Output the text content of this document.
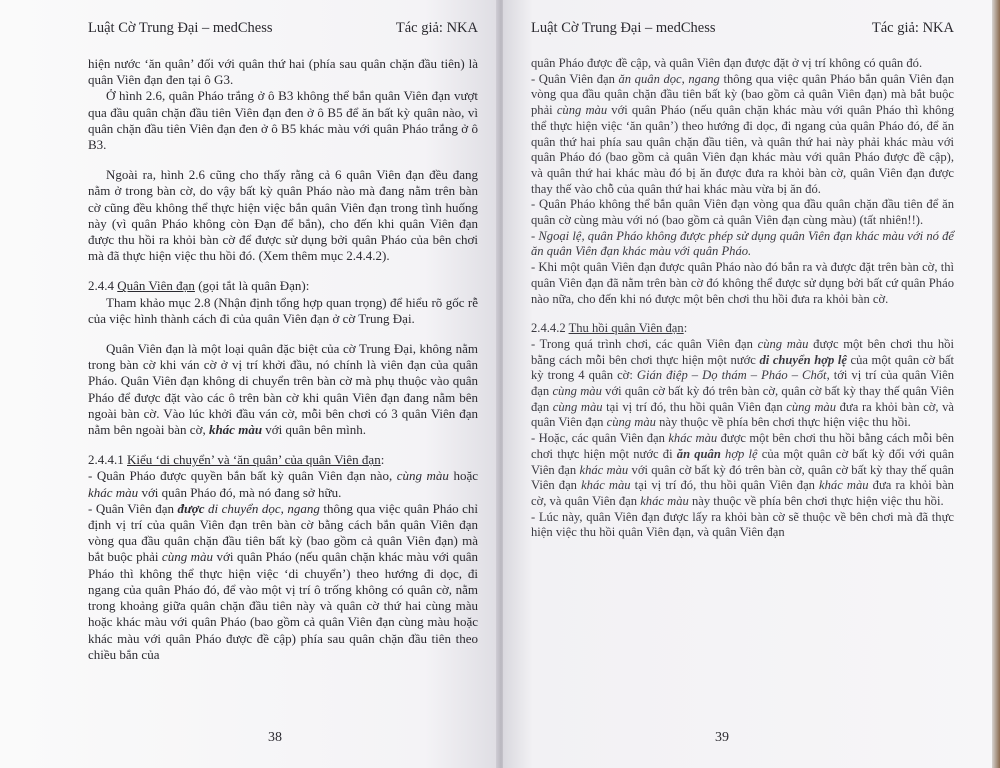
Luật Cờ Trung Đại – medChess	Tác giả: NKA

hiện nước ‘ăn quân’ đối với quân thứ hai (phía sau quân chặn đầu tiên) là quân Viên đạn đen tại ô G3.

Ở hình 2.6, quân Pháo trắng ở ô B3 không thể bắn quân Viên đạn vượt qua đầu quân chặn đầu tiên Viên đạn đen ở ô B5 để ăn bất kỳ quân nào, vì quân chặn đầu tiên Viên đạn đen ở ô B5 khác màu với quân Pháo trắng ở ô B3.

Ngoài ra, hình 2.6 cũng cho thấy rằng cả 6 quân Viên đạn đều đang nằm ở trong bàn cờ, do vậy bất kỳ quân Pháo nào mà đang nằm trên bàn cờ cũng đều không thể thực hiện việc bắn quân Viên đạn trong tình huống này (vì quân Pháo không còn Đạn để bắn), cho đến khi quân Viên đạn được thu hồi ra khỏi bàn cờ để được sử dụng bởi quân Pháo của bên chơi mà đã thực hiện việc thu hồi đó. (Xem thêm mục 2.4.4.2).

2.4.4 Quân Viên đạn (gọi tắt là quân Đạn):

Tham khảo mục 2.8 (Nhận định tổng hợp quan trọng) để hiểu rõ gốc rễ của việc hình thành cách đi của quân Viên đạn ở cờ Trung Đại.

Quân Viên đạn là một loại quân đặc biệt của cờ Trung Đại, không nằm trong bàn cờ khi ván cờ ở vị trí khởi đầu, nó chính là viên đạn của quân Pháo. Quân Viên đạn không di chuyển trên bàn cờ mà phụ thuộc vào quân Pháo để được đặt vào các ô trên bàn cờ khi quân Viên đạn đang nằm bên ngoài bàn cờ. Vào lúc khởi đầu ván cờ, mỗi bên chơi có 3 quân Viên đạn nằm bên ngoài bàn cờ, khác màu với quân bên mình.

2.4.4.1 Kiểu ‘di chuyển’ và ‘ăn quân’ của quân Viên đạn:

- Quân Pháo được quyền bắn bất kỳ quân Viên đạn nào, cùng màu hoặc khác màu với quân Pháo đó, mà nó đang sở hữu.

- Quân Viên đạn được di chuyển dọc, ngang thông qua việc quân Pháo chỉ định vị trí của quân Viên đạn trên bàn cờ bằng cách bắn quân Viên đạn vòng qua đầu quân chặn đầu tiên bất kỳ (bao gồm cả quân Viên đạn) mà bắt buộc phải cùng màu với quân Pháo (nếu quân chặn khác màu với quân Pháo thì không thể thực hiện việc ‘di chuyển’) theo hướng đi dọc, đi ngang của quân Pháo đó, để vào một vị trí ô trống không có quân cờ, nằm trong khoảng giữa quân chặn đầu tiên này và quân cờ thứ hai cùng màu hoặc khác màu với quân Pháo (bao gồm cả quân Viên đạn cùng màu hoặc khác màu với quân Pháo được đề cập) phía sau quân chặn đầu tiên theo chiều bắn của

38
Luật Cờ Trung Đại – medChess	Tác giả: NKA

quân Pháo được đề cập, và quân Viên đạn được đặt ở vị trí không có quân đó.

- Quân Viên đạn ăn quân dọc, ngang thông qua việc quân Pháo bắn quân Viên đạn vòng qua đầu quân chặn đầu tiên bất kỳ (bao gồm cả quân Viên đạn) mà bắt buộc phải cùng màu với quân Pháo (nếu quân chặn khác màu với quân Pháo thì không thể thực hiện việc ‘ăn quân’) theo hướng đi dọc, đi ngang của quân Pháo đó, để ăn quân thứ hai phía sau quân chặn đầu tiên, và quân thứ hai này phải khác màu với quân Pháo đó (bao gồm cả quân Viên đạn khác màu với quân Pháo được đề cập), và quân thứ hai khác màu đó bị ăn được đưa ra khỏi bàn cờ, quân Viên đạn được thay thế vào chỗ của quân thứ hai khác màu vừa bị ăn đó.

- Quân Pháo không thể bắn quân Viên đạn vòng qua đầu quân chặn đầu tiên để ăn quân cờ cùng màu với nó (bao gồm cả quân Viên đạn cùng màu) (tất nhiên!!).

- Ngoại lệ, quân Pháo không được phép sử dụng quân Viên đạn khác màu với nó để ăn quân Viên đạn khác màu với quân Pháo.

- Khi một quân Viên đạn được quân Pháo nào đó bắn ra và được đặt trên bàn cờ, thì quân Viên đạn đã nằm trên bàn cờ đó không thể được sử dụng bởi bất cứ quân Pháo nào nữa, cho đến khi nó được một bên chơi thu hồi đưa ra khỏi bàn cờ.

2.4.4.2 Thu hồi quân Viên đạn:

- Trong quá trình chơi, các quân Viên đạn cùng màu được một bên chơi thu hồi bằng cách mỗi bên chơi thực hiện một nước di chuyển hợp lệ của một quân cờ bất kỳ trong 4 quân cờ: Gián điệp – Dọ thám – Pháo – Chốt, tới vị trí của quân Viên đạn cùng màu với quân cờ bất kỳ đó trên bàn cờ, quân cờ bất kỳ thay thế quân Viên đạn cùng màu tại vị trí đó, thu hồi quân Viên đạn cùng màu đưa ra khỏi bàn cờ, và quân Viên đạn cùng màu này thuộc về phía bên chơi thực hiện việc thu hồi.

- Hoặc, các quân Viên đạn khác màu được một bên chơi thu hồi bằng cách mỗi bên chơi thực hiện một nước đi ăn quân hợp lệ của một quân cờ bất kỳ đối với quân Viên đạn khác màu với quân cờ bất kỳ đó trên bàn cờ, quân cờ bất kỳ thay thế quân Viên đạn khác màu tại vị trí đó, thu hồi quân Viên đạn khác màu đưa ra khỏi bàn cờ, và quân Viên đạn khác màu này thuộc về phía bên chơi thực hiện việc thu hồi.

- Lúc này, quân Viên đạn được lấy ra khỏi bàn cờ sẽ thuộc về bên chơi mà đã thực hiện việc thu hồi quân Viên đạn, và quân Viên đạn

39
